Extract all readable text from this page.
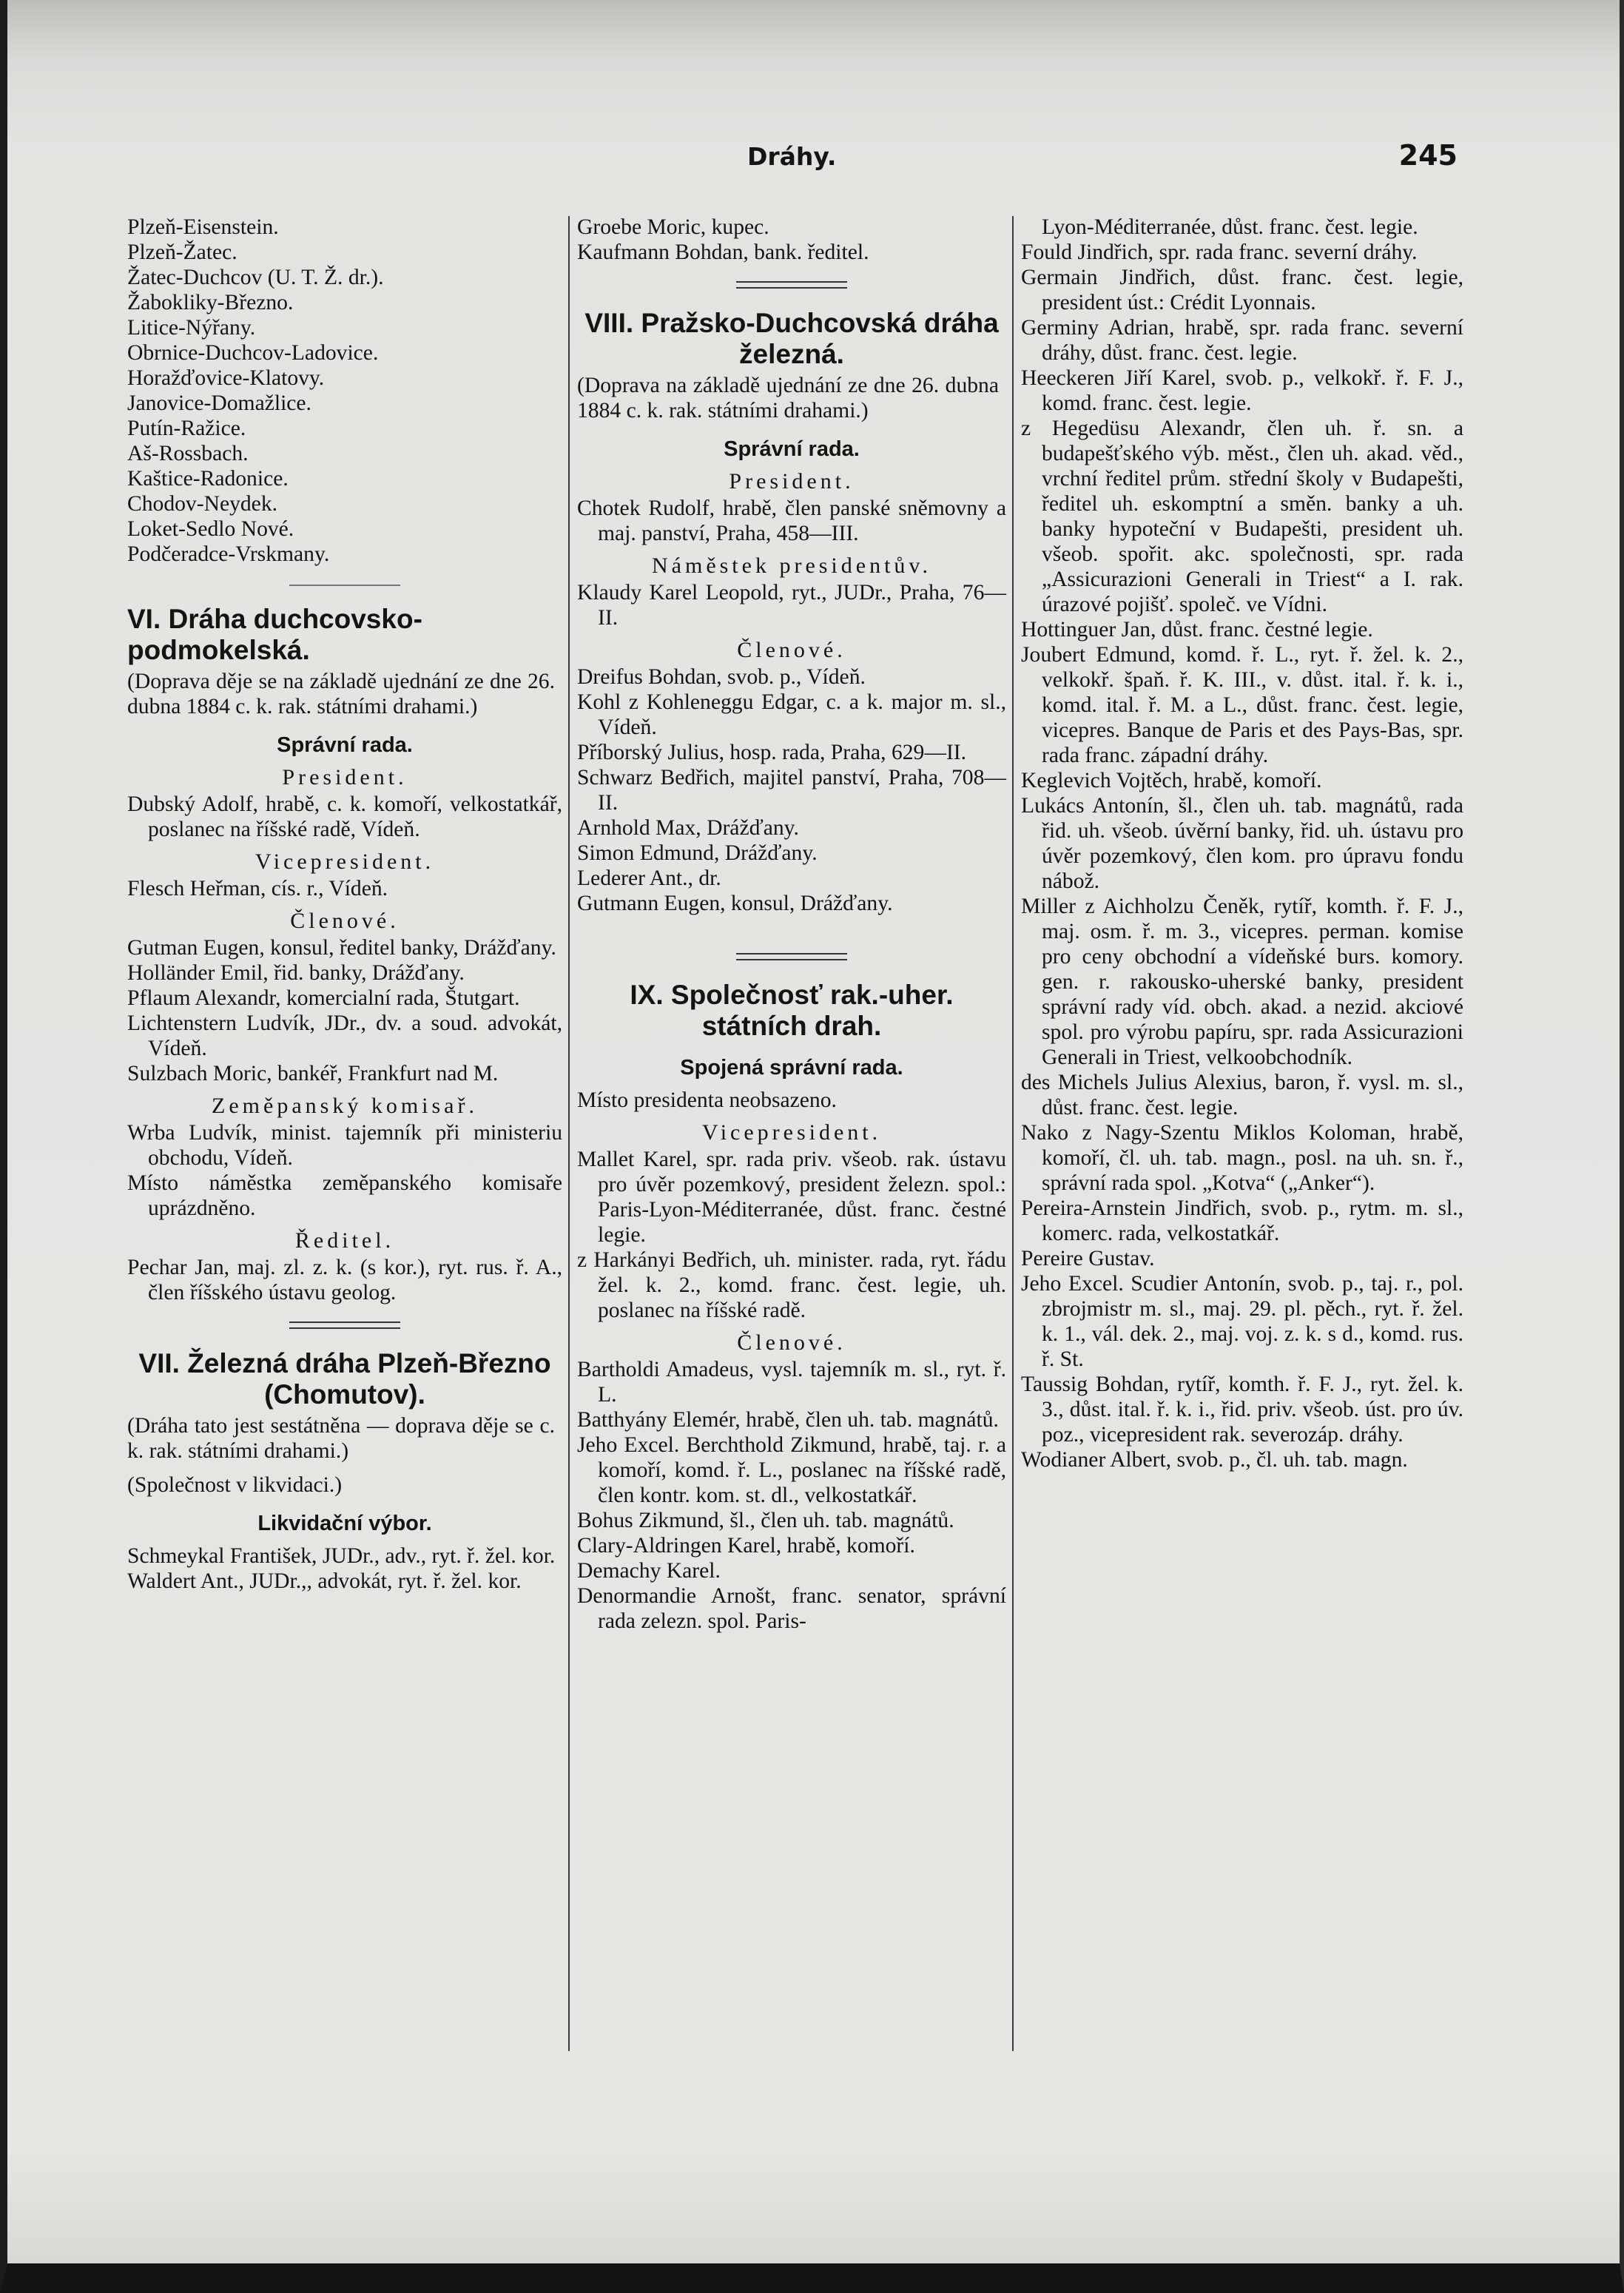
Dráhy.	245
Plzeň-Eisenstein.
Plzeň-Žatec.
Žatec-Duchcov (U. T. Ž. dr.).
Žabokliky-Březno.
Litice-Nýřany.
Obrnice-Duchcov-Ladovice.
Horažďovice-Klatovy.
Janovice-Domažlice.
Putín-Ražice.
Aš-Rossbach.
Kaštice-Radonice.
Chodov-Neydek.
Loket-Sedlo Nové.
Podčeradce-Vrskmany.
VI. Dráha duchcovsko-podmokelská.
(Doprava děje se na základě ujednání ze dne 26. dubna 1884 c. k. rak. státními drahami.)
Správní rada.
President.
Dubský Adolf, hrabě, c. k. komoří, velkostatkář, poslanec na říšské radě, Vídeň.
Vicepresident.
Flesch Heřman, cís. r., Vídeň.
Členové.
Gutman Eugen, konsul, ředitel banky, Drážďany.
Holländer Emil, řid. banky, Drážďany.
Pflaum Alexandr, komercialní rada, Štutgart.
Lichtenstern Ludvík, JDr., dv. a soud. advokát, Vídeň.
Sulzbach Moric, bankéř, Frankfurt nad M.
Zeměpanský komisař.
Wrba Ludvík, minist. tajemník při ministeriu obchodu, Vídeň.
Místo náměstka zeměpanského komisaře uprázdněno.
Ředitel.
Pechar Jan, maj. zl. z. k. (s kor.), ryt. rus. ř. A., člen říšského ústavu geolog.
VII. Železná dráha Plzeň-Březno (Chomutov).
(Dráha tato jest sestátněna — doprava děje se c. k. rak. státními drahami.)
(Společnost v likvidaci.)
Likvidační výbor.
Schmeykal František, JUDr., adv., ryt. ř. žel. kor.
Waldert Ant., JUDr.,, advokát, ryt. ř. žel. kor.
Groebe Moric, kupec.
Kaufmann Bohdan, bank. ředitel.
VIII. Pražsko-Duchcovská dráha železná.
(Doprava na základě ujednání ze dne 26. dubna 1884 c. k. rak. státními drahami.)
Správní rada.
President.
Chotek Rudolf, hrabě, člen panské sněmovny a maj. panství, Praha, 458—III.
Náměstek presidentův.
Klaudy Karel Leopold, ryt., JUDr., Praha, 76—II.
Členové.
Dreifus Bohdan, svob. p., Vídeň.
Kohl z Kohleneggu Edgar, c. a k. major m. sl., Vídeň.
Příborský Julius, hosp. rada, Praha, 629—II.
Schwarz Bedřich, majitel panství, Praha, 708—II.
Arnhold Max, Drážďany.
Simon Edmund, Drážďany.
Lederer Ant., dr.
Gutmann Eugen, konsul, Drážďany.
IX. Společnosť rak.-uher. státních drah.
Spojená správní rada.
Místo presidenta neobsazeno.
Vicepresident.
Mallet Karel, spr. rada priv. všeob. rak. ústavu pro úvěr pozemkový, president železn. spol.: Paris-Lyon-Méditerranée, důst. franc. čestné legie.
z Harkányi Bedřich, uh. minister. rada, ryt. řádu žel. k. 2., komd. franc. čest. legie, uh. poslanec na říšské radě.
Členové.
Bartholdi Amadeus, vysl. tajemník m. sl., ryt. ř. L.
Batthyány Elemér, hrabě, člen uh. tab. magnátů.
Jeho Excel. Berchthold Zikmund, hrabě, taj. r. a komoří, komd. ř. L., poslanec na říšské radě, člen kontr. kom. st. dl., velkostatkář.
Bohus Zikmund, šl., člen uh. tab. magnátů.
Clary-Aldringen Karel, hrabě, komoří.
Demachy Karel.
Denormandie Arnošt, franc. senator, správní rada zelezn. spol. Paris-
Lyon-Méditerranée, důst. franc. čest. legie.
Fould Jindřich, spr. rada franc. severní dráhy.
Germain Jindřich, důst. franc. čest. legie, president úst.: Crédit Lyonnais.
Germiny Adrian, hrabě, spr. rada franc. severní dráhy, důst. franc. čest. legie.
Heeckeren Jiří Karel, svob. p., velkokř. ř. F. J., komd. franc. čest. legie.
z Hegedüsu Alexandr, člen uh. ř. sn. a budapešťského výb. měst., člen uh. akad. věd., vrchní ředitel prům. střední školy v Budapešti, ředitel uh. eskomptní a směn. banky a uh. banky hypoteční v Budapešti, president uh. všeob. spořit. akc. společnosti, spr. rada „Assicurazioni Generali in Triest“ a I. rak. úrazové pojišť. společ. ve Vídni.
Hottinguer Jan, důst. franc. čestné legie.
Joubert Edmund, komd. ř. L., ryt. ř. žel. k. 2., velkokř. špaň. ř. K. III., v. důst. ital. ř. k. i., komd. ital. ř. M. a L., důst. franc. čest. legie, vicepres. Banque de Paris et des Pays-Bas, spr. rada franc. západní dráhy.
Keglevich Vojtěch, hrabě, komoří.
Lukács Antonín, šl., člen uh. tab. magnátů, rada řid. uh. všeob. úvěrní banky, řid. uh. ústavu pro úvěr pozemkový, člen kom. pro úpravu fondu nábož.
Miller z Aichholzu Čeněk, rytíř, komth. ř. F. J., maj. osm. ř. m. 3., vicepres. perman. komise pro ceny obchodní a vídeňské burs. komory. gen. r. rakousko-uherské banky, president správní rady víd. obch. akad. a nezid. akciové spol. pro výrobu papíru, spr. rada Assicurazioni Generali in Triest, velkoobchodník.
des Michels Julius Alexius, baron, ř. vysl. m. sl., důst. franc. čest. legie.
Nako z Nagy-Szentu Miklos Koloman, hrabě, komoří, čl. uh. tab. magn., posl. na uh. sn. ř., správní rada spol. „Kotva“ („Anker“).
Pereira-Arnstein Jindřich, svob. p., rytm. m. sl., komerc. rada, velkostatkář.
Pereire Gustav.
Jeho Excel. Scudier Antonín, svob. p., taj. r., pol. zbrojmistr m. sl., maj. 29. pl. pěch., ryt. ř. žel. k. 1., vál. dek. 2., maj. voj. z. k. s d., komd. rus. ř. St.
Taussig Bohdan, rytíř, komth. ř. F. J., ryt. žel. k. 3., důst. ital. ř. k. i., řid. priv. všeob. úst. pro úv. poz., vicepresident rak. severozáp. dráhy.
Wodianer Albert, svob. p., čl. uh. tab. magn.
